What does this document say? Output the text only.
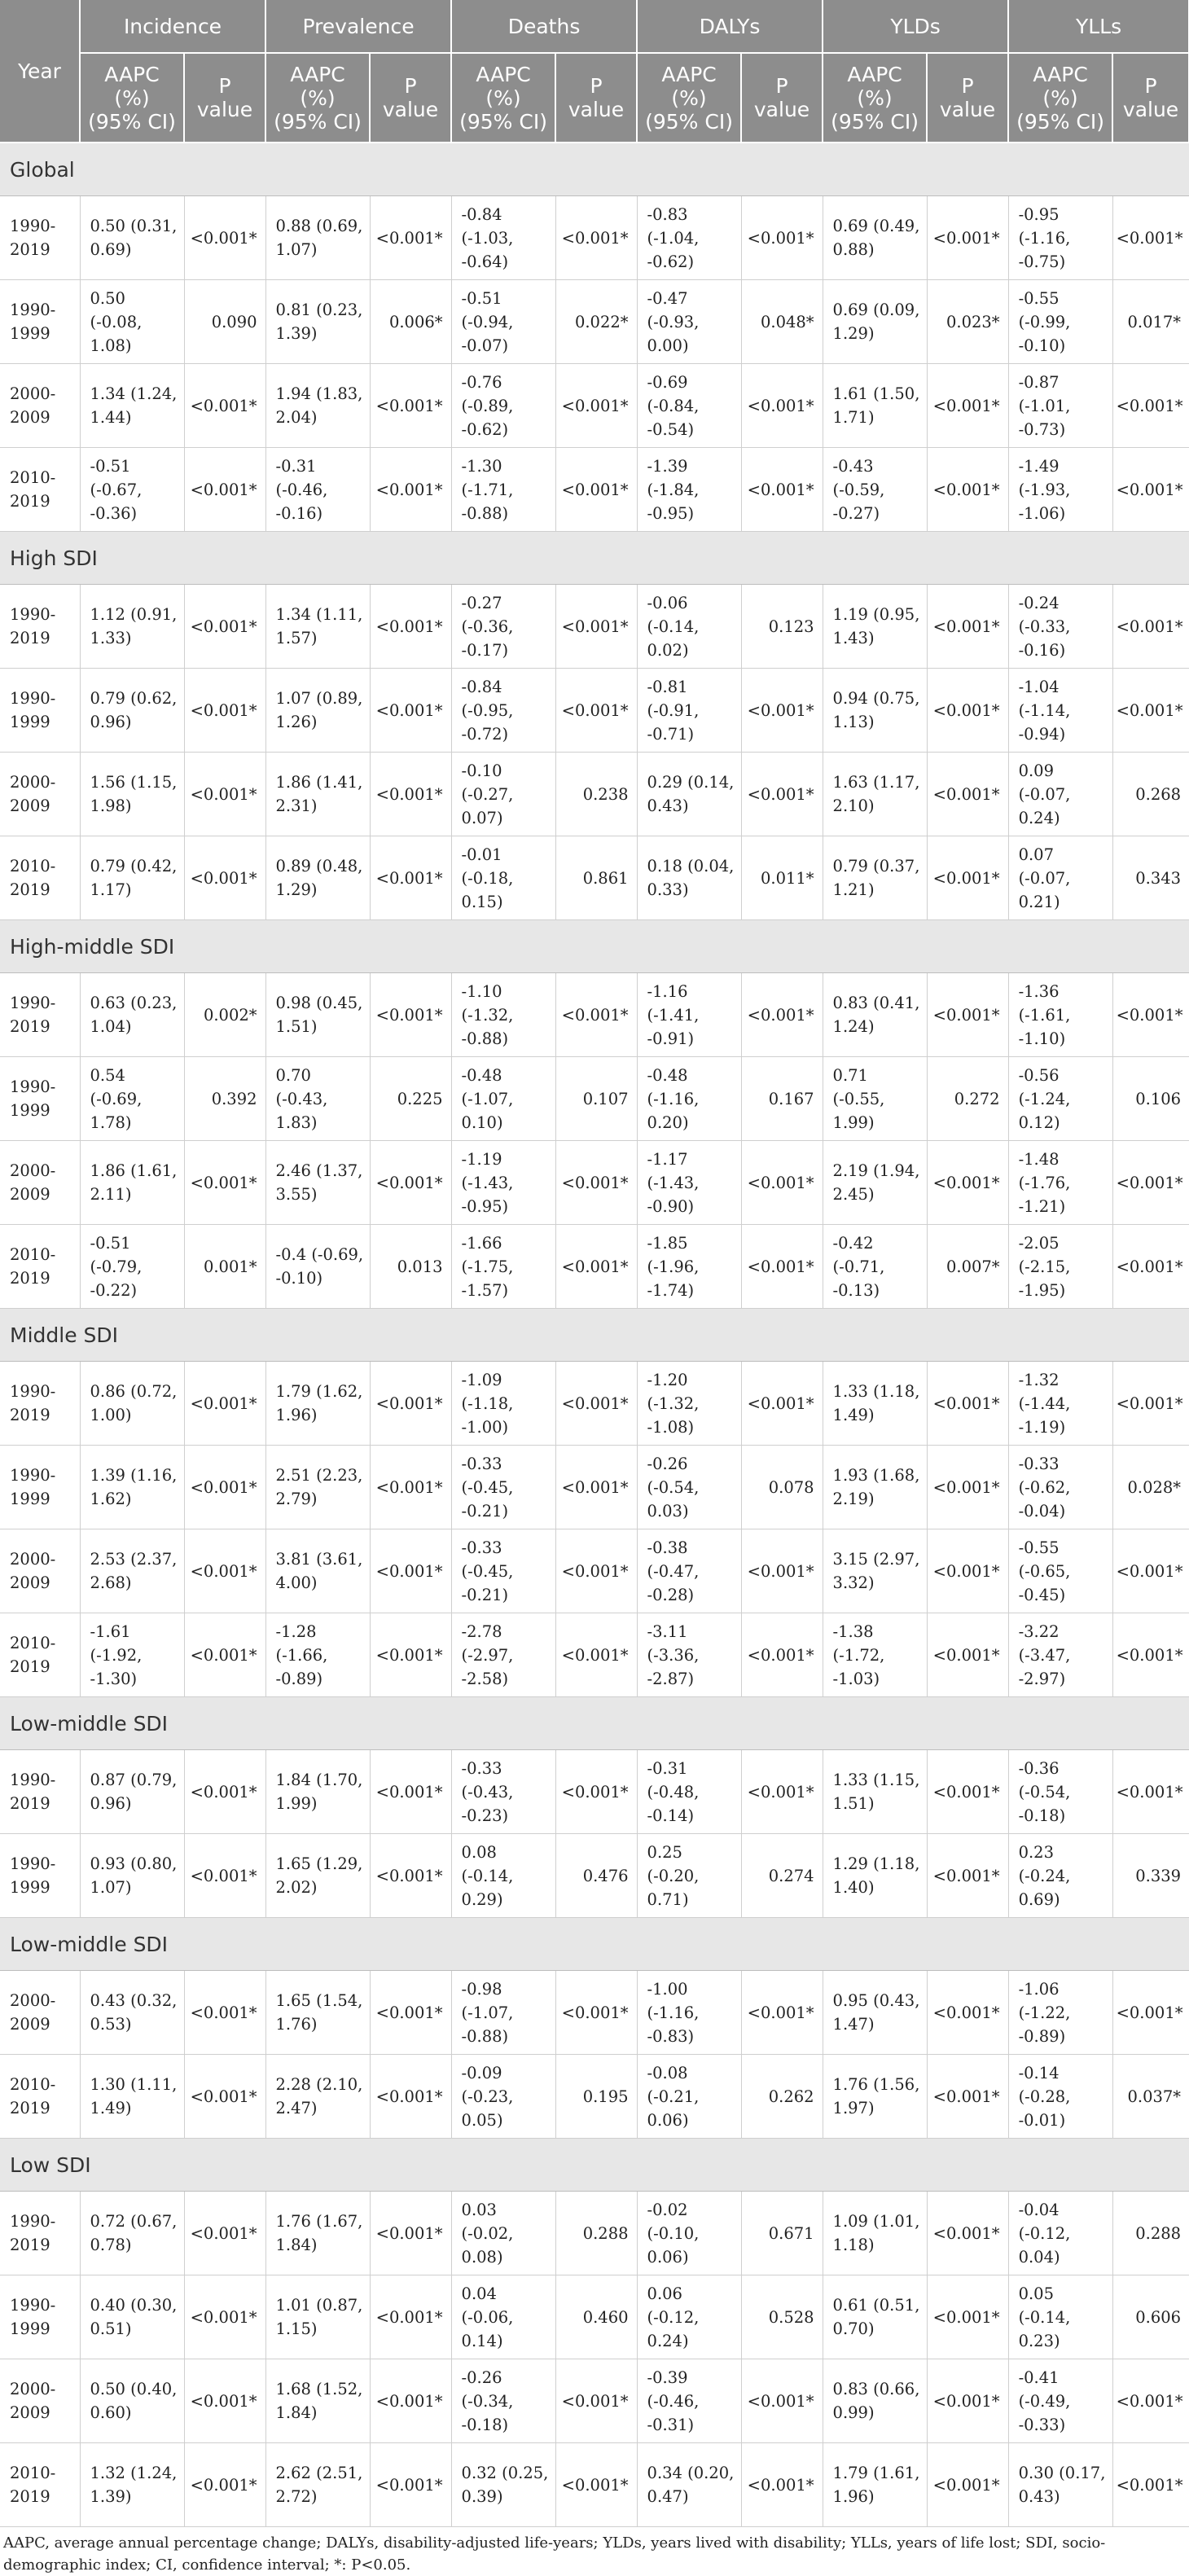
Year	Incidence		Prevalence		Deaths		DALYs		YLDs		YLLs	
	AAPC (%) (95% CI)	P value	AAPC (%) (95% CI)	P value	AAPC (%) (95% CI)	P value	AAPC (%) (95% CI)	P value	AAPC (%) (95% CI)	P value	AAPC (%) (95% CI)	P value
Global												
1990-2019	0.50 (0.31, 0.69)	<0.001*	0.88 (0.69, 1.07)	<0.001*	-0.84 (-1.03, -0.64)	<0.001*	-0.83 (-1.04, -0.62)	<0.001*	0.69 (0.49, 0.88)	<0.001*	-0.95 (-1.16, -0.75)	<0.001*
1990-1999	0.50 (-0.08, 1.08)	0.090	0.81 (0.23, 1.39)	0.006*	-0.51 (-0.94, -0.07)	0.022*	-0.47 (-0.93, 0.00)	0.048*	0.69 (0.09, 1.29)	0.023*	-0.55 (-0.99, -0.10)	0.017*
2000-2009	1.34 (1.24, 1.44)	<0.001*	1.94 (1.83, 2.04)	<0.001*	-0.76 (-0.89, -0.62)	<0.001*	-0.69 (-0.84, -0.54)	<0.001*	1.61 (1.50, 1.71)	<0.001*	-0.87 (-1.01, -0.73)	<0.001*
2010-2019	-0.51 (-0.67, -0.36)	<0.001*	-0.31 (-0.46, -0.16)	<0.001*	-1.30 (-1.71, -0.88)	<0.001*	-1.39 (-1.84, -0.95)	<0.001*	-0.43 (-0.59, -0.27)	<0.001*	-1.49 (-1.93, -1.06)	<0.001*
High SDI												
1990-2019	1.12 (0.91, 1.33)	<0.001*	1.34 (1.11, 1.57)	<0.001*	-0.27 (-0.36, -0.17)	<0.001*	-0.06 (-0.14, 0.02)	0.123	1.19 (0.95, 1.43)	<0.001*	-0.24 (-0.33, -0.16)	<0.001*
1990-1999	0.79 (0.62, 0.96)	<0.001*	1.07 (0.89, 1.26)	<0.001*	-0.84 (-0.95, -0.72)	<0.001*	-0.81 (-0.91, -0.71)	<0.001*	0.94 (0.75, 1.13)	<0.001*	-1.04 (-1.14, -0.94)	<0.001*
2000-2009	1.56 (1.15, 1.98)	<0.001*	1.86 (1.41, 2.31)	<0.001*	-0.10 (-0.27, 0.07)	0.238	0.29 (0.14, 0.43)	<0.001*	1.63 (1.17, 2.10)	<0.001*	0.09 (-0.07, 0.24)	0.268
2010-2019	0.79 (0.42, 1.17)	<0.001*	0.89 (0.48, 1.29)	<0.001*	-0.01 (-0.18, 0.15)	0.861	0.18 (0.04, 0.33)	0.011*	0.79 (0.37, 1.21)	<0.001*	0.07 (-0.07, 0.21)	0.343
High-middle SDI												
1990-2019	0.63 (0.23, 1.04)	0.002*	0.98 (0.45, 1.51)	<0.001*	-1.10 (-1.32, -0.88)	<0.001*	-1.16 (-1.41, -0.91)	<0.001*	0.83 (0.41, 1.24)	<0.001*	-1.36 (-1.61, -1.10)	<0.001*
1990-1999	0.54 (-0.69, 1.78)	0.392	0.70 (-0.43, 1.83)	0.225	-0.48 (-1.07, 0.10)	0.107	-0.48 (-1.16, 0.20)	0.167	0.71 (-0.55, 1.99)	0.272	-0.56 (-1.24, 0.12)	0.106
2000-2009	1.86 (1.61, 2.11)	<0.001*	2.46 (1.37, 3.55)	<0.001*	-1.19 (-1.43, -0.95)	<0.001*	-1.17 (-1.43, -0.90)	<0.001*	2.19 (1.94, 2.45)	<0.001*	-1.48 (-1.76, -1.21)	<0.001*
2010-2019	-0.51 (-0.79, -0.22)	0.001*	-0.4 (-0.69, -0.10)	0.013	-1.66 (-1.75, -1.57)	<0.001*	-1.85 (-1.96, -1.74)	<0.001*	-0.42 (-0.71, -0.13)	0.007*	-2.05 (-2.15, -1.95)	<0.001*
Middle SDI												
1990-2019	0.86 (0.72, 1.00)	<0.001*	1.79 (1.62, 1.96)	<0.001*	-1.09 (-1.18, -1.00)	<0.001*	-1.20 (-1.32, -1.08)	<0.001*	1.33 (1.18, 1.49)	<0.001*	-1.32 (-1.44, -1.19)	<0.001*
1990-1999	1.39 (1.16, 1.62)	<0.001*	2.51 (2.23, 2.79)	<0.001*	-0.33 (-0.45, -0.21)	<0.001*	-0.26 (-0.54, 0.03)	0.078	1.93 (1.68, 2.19)	<0.001*	-0.33 (-0.62, -0.04)	0.028*
2000-2009	2.53 (2.37, 2.68)	<0.001*	3.81 (3.61, 4.00)	<0.001*	-0.33 (-0.45, -0.21)	<0.001*	-0.38 (-0.47, -0.28)	<0.001*	3.15 (2.97, 3.32)	<0.001*	-0.55 (-0.65, -0.45)	<0.001*
2010-2019	-1.61 (-1.92, -1.30)	<0.001*	-1.28 (-1.66, -0.89)	<0.001*	-2.78 (-2.97, -2.58)	<0.001*	-3.11 (-3.36, -2.87)	<0.001*	-1.38 (-1.72, -1.03)	<0.001*	-3.22 (-3.47, -2.97)	<0.001*
Low-middle SDI												
1990-2019	0.87 (0.79, 0.96)	<0.001*	1.84 (1.70, 1.99)	<0.001*	-0.33 (-0.43, -0.23)	<0.001*	-0.31 (-0.48, -0.14)	<0.001*	1.33 (1.15, 1.51)	<0.001*	-0.36 (-0.54, -0.18)	<0.001*
1990-1999	0.93 (0.80, 1.07)	<0.001*	1.65 (1.29, 2.02)	<0.001*	0.08 (-0.14, 0.29)	0.476	0.25 (-0.20, 0.71)	0.274	1.29 (1.18, 1.40)	<0.001*	0.23 (-0.24, 0.69)	0.339
Low-middle SDI												
2000-2009	0.43 (0.32, 0.53)	<0.001*	1.65 (1.54, 1.76)	<0.001*	-0.98 (-1.07, -0.88)	<0.001*	-1.00 (-1.16, -0.83)	<0.001*	0.95 (0.43, 1.47)	<0.001*	-1.06 (-1.22, -0.89)	<0.001*
2010-2019	1.30 (1.11, 1.49)	<0.001*	2.28 (2.10, 2.47)	<0.001*	-0.09 (-0.23, 0.05)	0.195	-0.08 (-0.21, 0.06)	0.262	1.76 (1.56, 1.97)	<0.001*	-0.14 (-0.28, -0.01)	0.037*
Low SDI												
1990-2019	0.72 (0.67, 0.78)	<0.001*	1.76 (1.67, 1.84)	<0.001*	0.03 (-0.02, 0.08)	0.288	-0.02 (-0.10, 0.06)	0.671	1.09 (1.01, 1.18)	<0.001*	-0.04 (-0.12, 0.04)	0.288
1990-1999	0.40 (0.30, 0.51)	<0.001*	1.01 (0.87, 1.15)	<0.001*	0.04 (-0.06, 0.14)	0.460	0.06 (-0.12, 0.24)	0.528	0.61 (0.51, 0.70)	<0.001*	0.05 (-0.14, 0.23)	0.606
2000-2009	0.50 (0.40, 0.60)	<0.001*	1.68 (1.52, 1.84)	<0.001*	-0.26 (-0.34, -0.18)	<0.001*	-0.39 (-0.46, -0.31)	<0.001*	0.83 (0.66, 0.99)	<0.001*	-0.41 (-0.49, -0.33)	<0.001*
2010-2019	1.32 (1.24, 1.39)	<0.001*	2.62 (2.51, 2.72)	<0.001*	0.32 (0.25, 0.39)	<0.001*	0.34 (0.20, 0.47)	<0.001*	1.79 (1.61, 1.96)	<0.001*	0.30 (0.17, 0.43)	<0.001*
AAPC, average annual percentage change; DALYs, disability-adjusted life-years; YLDs, years lived with disability; YLLs, years of life lost; SDI, socio-demographic index; CI, confidence interval; *: P<0.05.
